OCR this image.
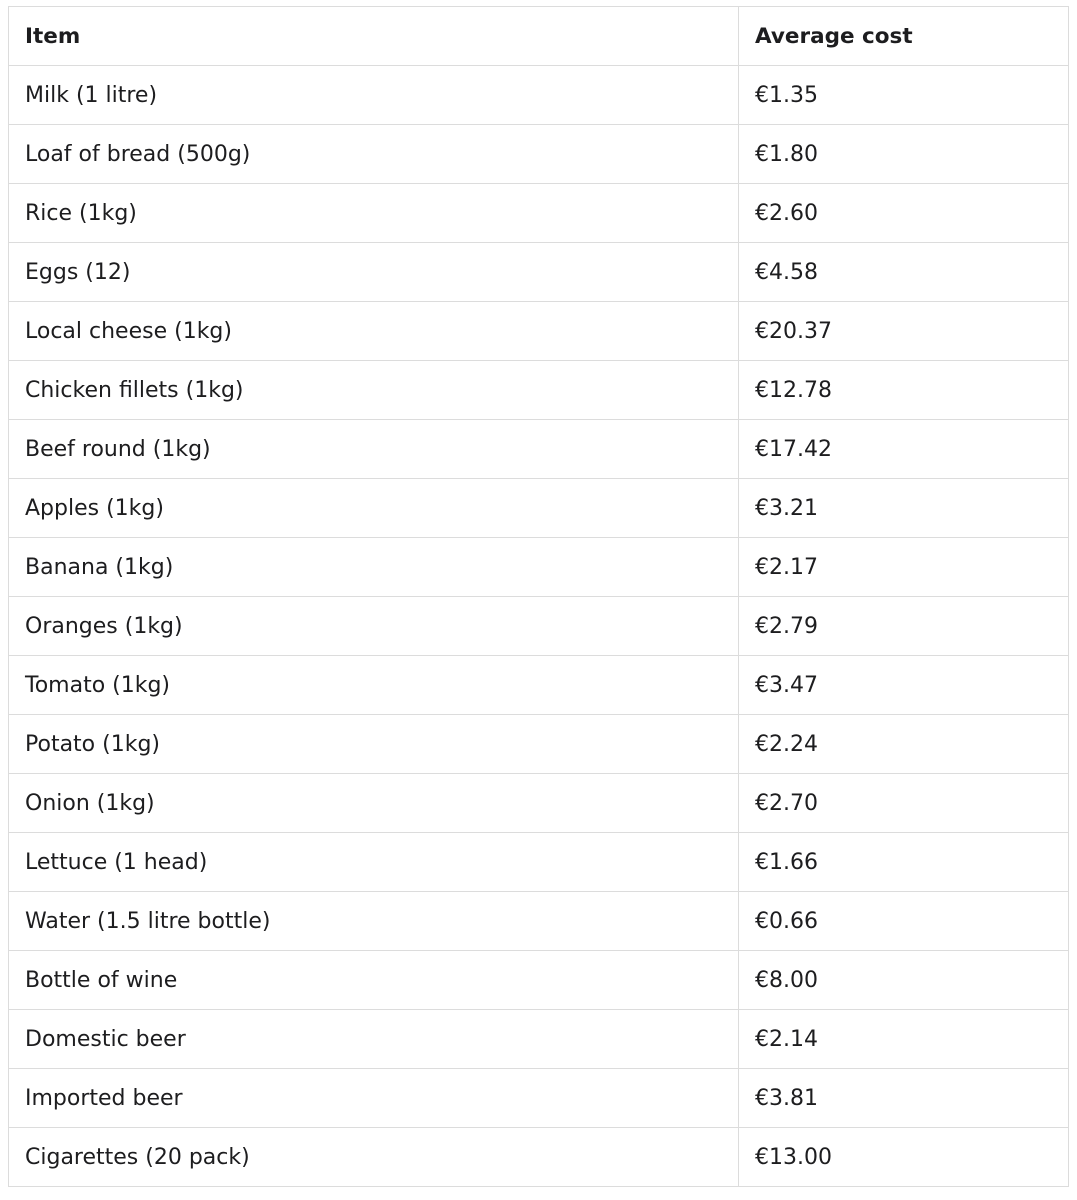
Item	Average cost
Milk (1 litre)	€1.35
Loaf of bread (500g)	€1.80
Rice (1kg)	€2.60
Eggs (12)	€4.58
Local cheese (1kg)	€20.37
Chicken fillets (1kg)	€12.78
Beef round (1kg)	€17.42
Apples (1kg)	€3.21
Banana (1kg)	€2.17
Oranges (1kg)	€2.79
Tomato (1kg)	€3.47
Potato (1kg)	€2.24
Onion (1kg)	€2.70
Lettuce (1 head)	€1.66
Water (1.5 litre bottle)	€0.66
Bottle of wine	€8.00
Domestic beer	€2.14
Imported beer	€3.81
Cigarettes (20 pack)	€13.00
